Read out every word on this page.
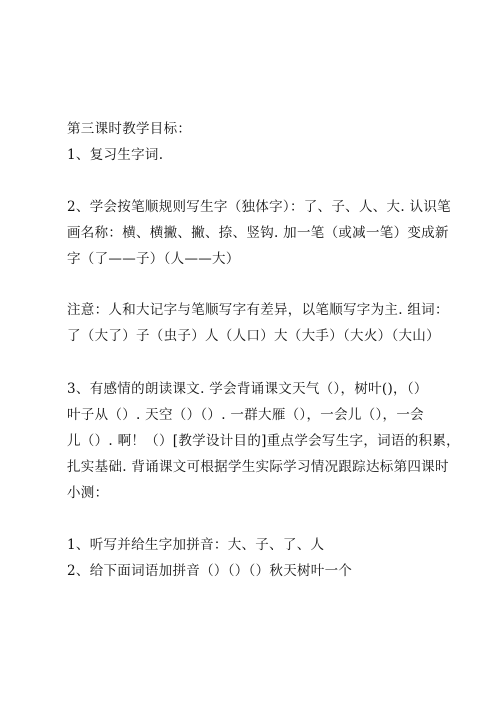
第三课时教学目标：
1、复习生字词.
2、学会按笔顺规则写生字（独体字）：了、子、人、大. 认识笔
画名称：横、横撇、撇、捺、竖钩. 加一笔（或减一笔）变成新
字（了——子）（人——大）
注意：人和大记字与笔顺写字有差异，以笔顺写字为主. 组词：
了（大了）子（虫子）人（人口）大（大手）（大火）（大山）
3、有感情的朗读课文. 学会背诵课文天气（），树叶()，（）
叶子从（）. 天空（）（）. 一群大雁（），一会儿（），一会
儿（）. 啊！（）[教学设计目的]重点学会写生字，词语的积累，
扎实基础. 背诵课文可根据学生实际学习情况跟踪达标第四课时
小测：
1、听写并给生字加拼音：大、子、了、人
2、给下面词语加拼音（）（）（）秋天树叶一个
